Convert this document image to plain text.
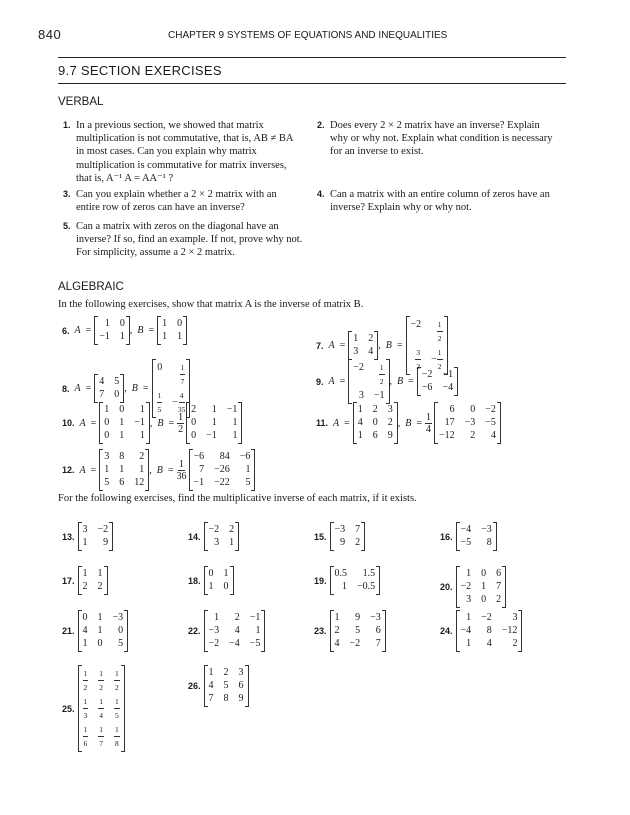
840	CHAPTER 9 SYSTEMS OF EQUATIONS AND INEQUALITIES
9.7 SECTION EXERCISES
VERBAL
1. In a previous section, we showed that matrix

multiplication is not commutative, that is, AB ≠ BA

in most cases. Can you explain why matrix

multiplication is commutative for matrix inverses,

that is, A⁻¹ A = AA⁻¹ ?

2. Does every 2 × 2 matrix have an inverse? Explain

why or why not. Explain what condition is necessary

for an inverse to exist.

3. Can you explain whether a 2 × 2 matrix with an

entire row of zeros can have an inverse?

4. Can a matrix with an entire column of zeros have an

inverse? Explain why or why not.

5. Can a matrix with zeros on the diagonal have an

inverse? If so, find an example. If not, prove why not.

For simplicity, assume a 2 × 2 matrix.

ALGEBRAIC
In the following exercises, show that matrix A is the inverse of matrix B.
For the following exercises, find the multiplicative inverse of each matrix, if it exists.
6. A =
1 0
−1 1
, B =
1 0
1 1
7. A =
1 2
3 4
, B =
$-2 \frac{1}{2}$
$\frac{3}{2} - \frac{1}{2}$
8. A =
4 5
7 0
, B =
$0 \frac{1}{7}$
$\frac{1}{5} - \frac{4}{35}$
9. A =
$-2 \frac{1}{2}$
3 −1
, B =
−2 −1
−6 −4
10. A =
1 0	1
0 1 −1
0 1	1
, $B = \frac{1}{2}$
2	1 −1
0	1	1
0 −1	1
11. A =
1 2 3
4 0 2
1 6 9
, $B = \frac{1}{4}$
6	0 −2
17 −3 −5
−12	2	4
12. A =
3 8	2
1 1	1
5 6 12
, $B = \frac{1}{36}$
−6	84 −6
7 −26	1
−1 −22	5
13.
3 −2
1	9
14.
−2 2
3 1
15.
−3 7
9 2
16.
−4 −3
−5	8
17.
1 1
2 2
18.
0 1
1 0
19.
0.5	1.5
1 −0.5	20.
1 0 6
−2 1 7
3 0 2
21.
0 1 −3
4 1	0
1 0	5
22.
1	2 −1
−3	4	1
−2 −4 −5
23.
1	9 −3
2	5	6
4 −2	7
24.
1 −2	3
−4	8 −12
1	4	2
25.
$\frac{1}{2} \frac{1}{2} \frac{1}{2}$
$\frac{1}{3} \frac{1}{4} \frac{1}{5}$
$\frac{1}{6} \frac{1}{7} \frac{1}{8}$
26.
1 2 3
4 5 6
7 8 9
